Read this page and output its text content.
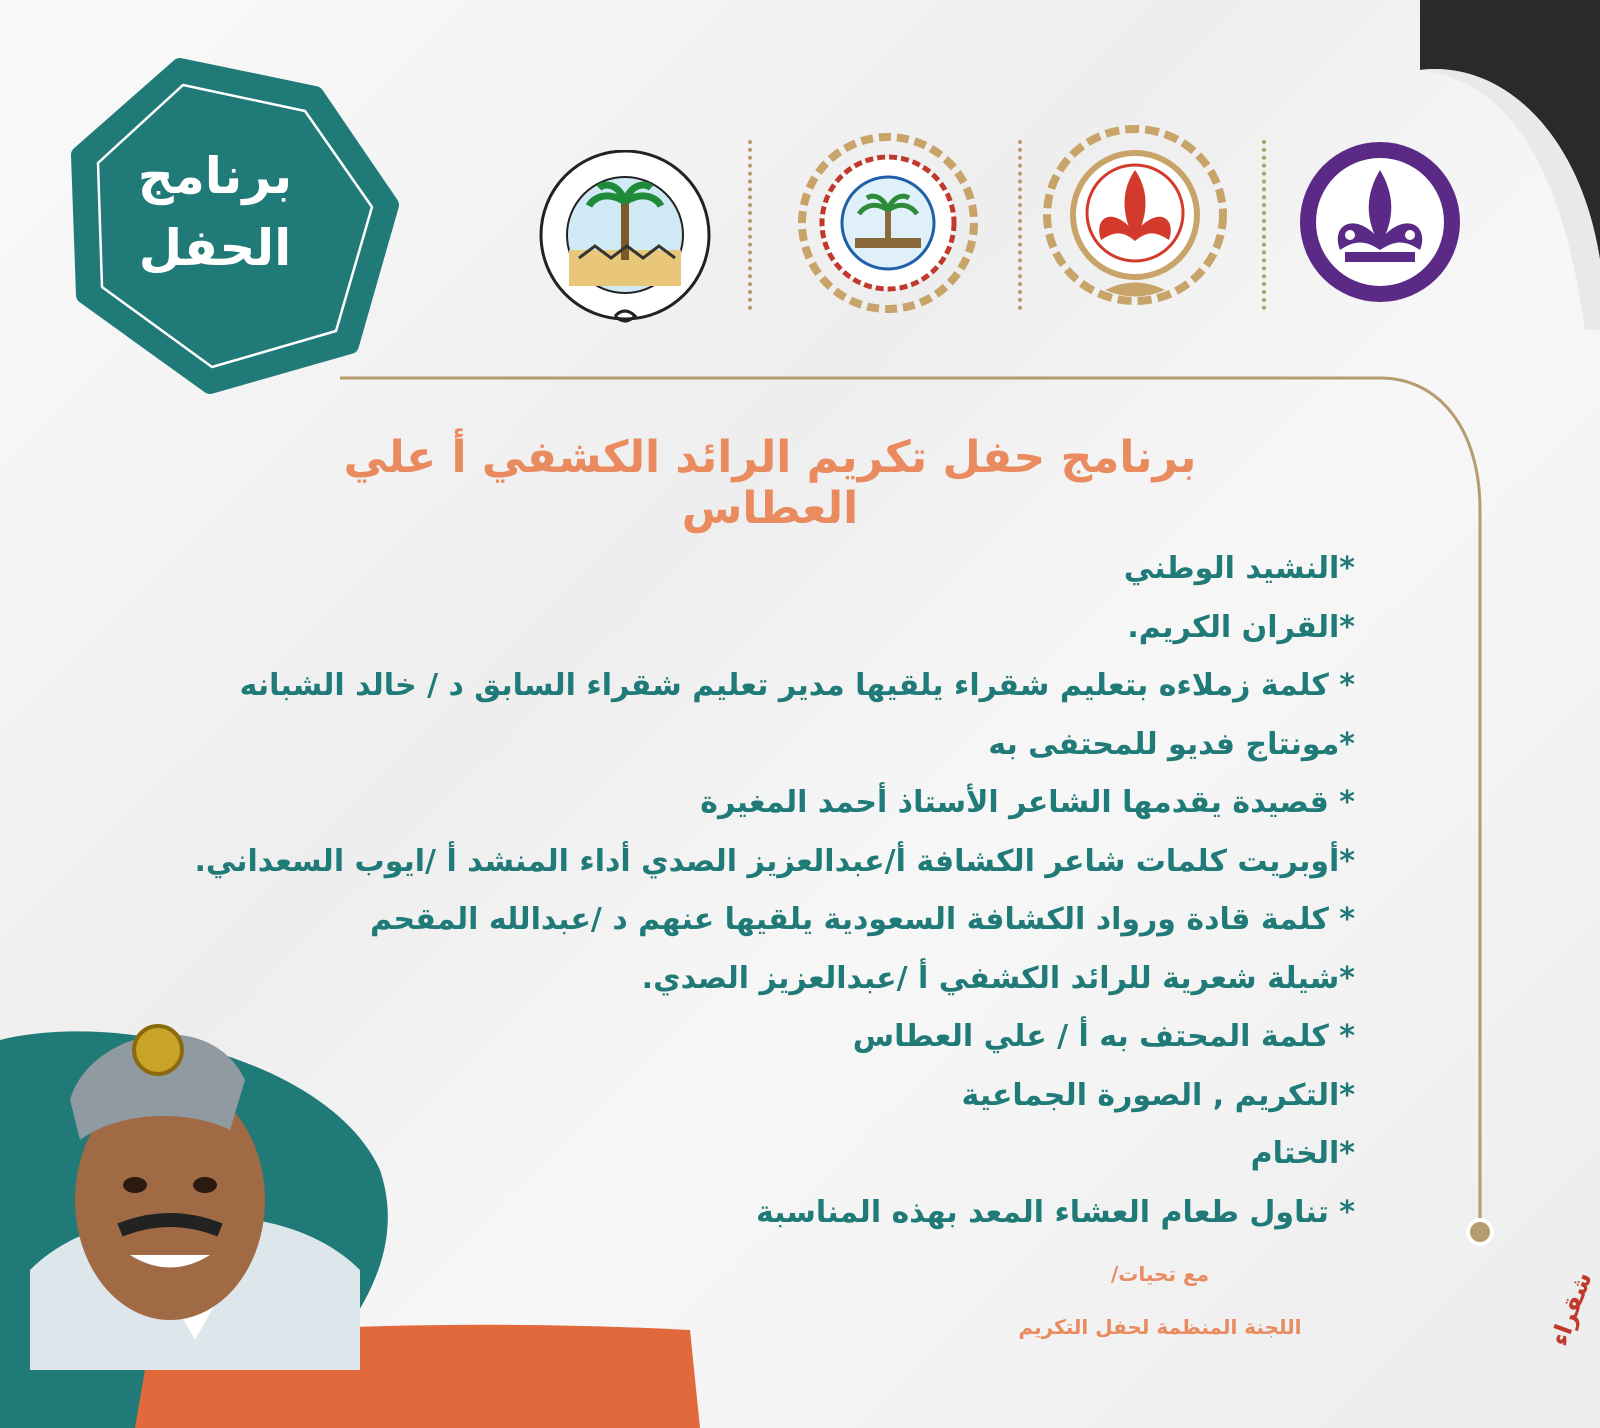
برنامج
الحفل
برنامج حفل تكريم الرائد الكشفي أ علي العطاس
*النشيد الوطني
*القران الكريم.
* كلمة زملاءه بتعليم شقراء يلقيها مدير تعليم شقراء السابق د / خالد الشبانه
*مونتاج فديو للمحتفى به
* قصيدة يقدمها الشاعر الأستاذ أحمد المغيرة
*أوبريت كلمات شاعر الكشافة أ/عبدالعزيز الصدي أداء المنشد أ /ايوب السعداني.
* كلمة قادة ورواد الكشافة السعودية يلقيها عنهم د /عبدالله المقحم
*شيلة شعرية للرائد الكشفي أ /عبدالعزيز الصدي.
* كلمة المحتف به أ / علي العطاس
*التكريم , الصورة الجماعية
*الختام
* تناول طعام العشاء المعد بهذه المناسبة
مع تحيات/
اللجنة المنظمة لحفل التكريم	شقراء
